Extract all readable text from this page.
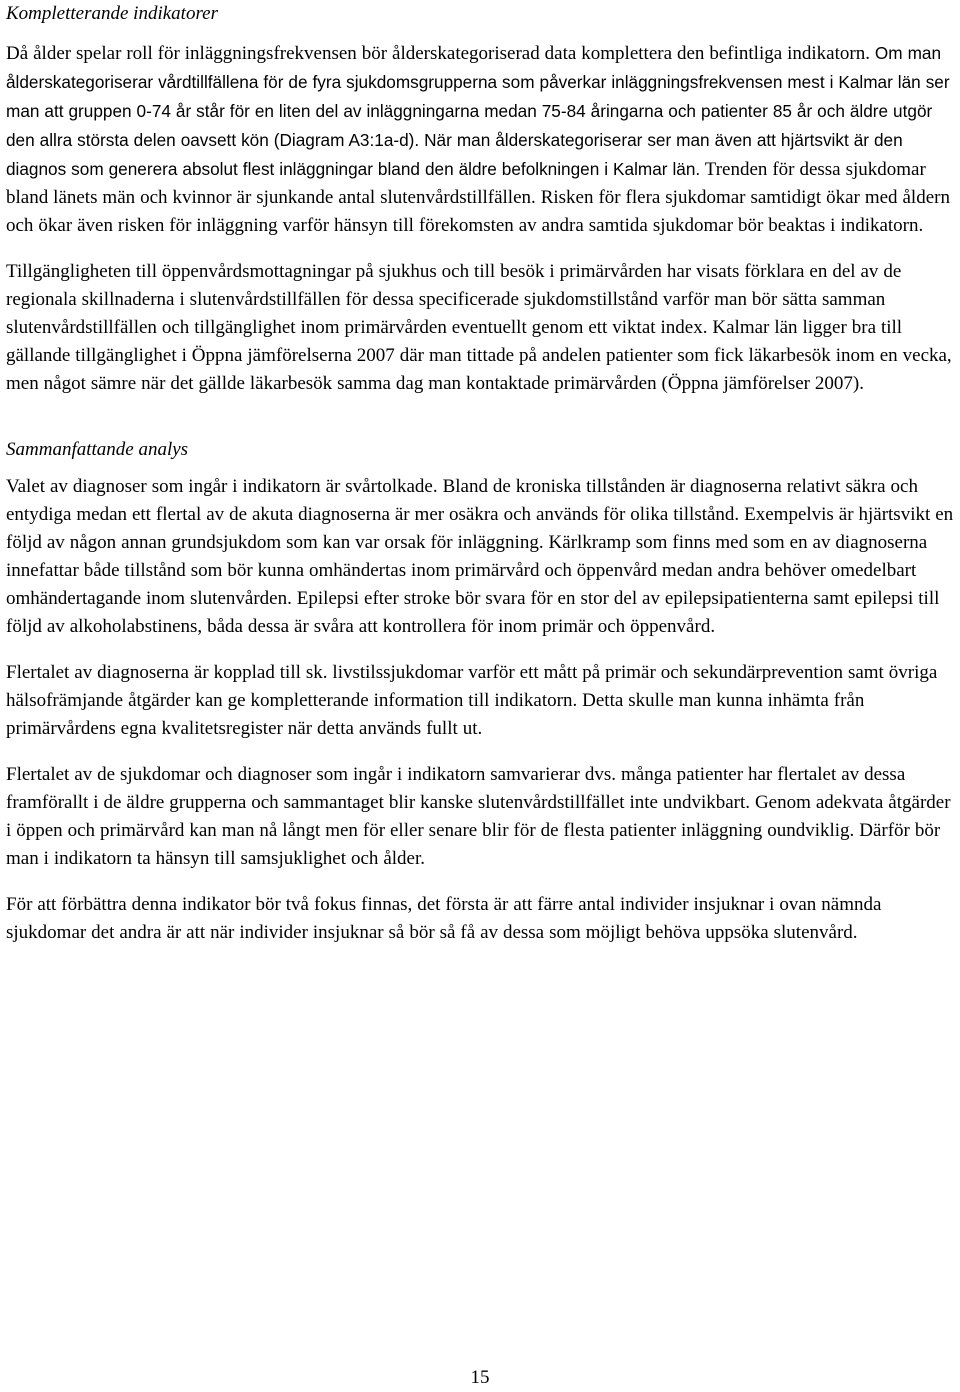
Kompletterande indikatorer

Då ålder spelar roll för inläggningsfrekvensen bör ålderskategoriserad data komplettera den befintliga indikatorn. Om man ålderskategoriserar vårdtillfällena för de fyra sjukdomsgrupperna som påverkar inläggningsfrekvensen mest i Kalmar län ser man att gruppen 0-74 år står för en liten del av inläggningarna medan 75-84 åringarna och patienter 85 år och äldre utgör den allra största delen oavsett kön (Diagram A3:1a-d). När man ålderskategoriserar ser man även att hjärtsvikt är den diagnos som generera absolut flest inläggningar bland den äldre befolkningen i Kalmar län. Trenden för dessa sjukdomar bland länets män och kvinnor är sjunkande antal slutenvårdstillfällen. Risken för flera sjukdomar samtidigt ökar med åldern och ökar även risken för inläggning varför hänsyn till förekomsten av andra samtida sjukdomar bör beaktas i indikatorn.

Tillgängligheten till öppenvårdsmottagningar på sjukhus och till besök i primärvården har visats förklara en del av de regionala skillnaderna i slutenvårdstillfällen för dessa specificerade sjukdomstillstånd varför man bör sätta samman slutenvårdstillfällen och tillgänglighet inom primärvården eventuellt genom ett viktat index. Kalmar län ligger bra till gällande tillgänglighet i Öppna jämförelserna 2007 där man tittade på andelen patienter som fick läkarbesök inom en vecka, men något sämre när det gällde läkarbesök samma dag man kontaktade primärvården (Öppna jämförelser 2007).

Sammanfattande analys

Valet av diagnoser som ingår i indikatorn är svårtolkade. Bland de kroniska tillstånden är diagnoserna relativt säkra och entydiga medan ett flertal av de akuta diagnoserna är mer osäkra och används för olika tillstånd. Exempelvis är hjärtsvikt en följd av någon annan grundsjukdom som kan var orsak för inläggning. Kärlkramp som finns med som en av diagnoserna innefattar både tillstånd som bör kunna omhändertas inom primärvård och öppenvård medan andra behöver omedelbart omhändertagande inom slutenvården. Epilepsi efter stroke bör svara för en stor del av epilepsipatienterna samt epilepsi till följd av alkoholabstinens, båda dessa är svåra att kontrollera för inom primär och öppenvård.

Flertalet av diagnoserna är kopplad till sk. livstilssjukdomar varför ett mått på primär och sekundärprevention samt övriga hälsofrämjande åtgärder kan ge kompletterande information till indikatorn. Detta skulle man kunna inhämta från primärvårdens egna kvalitetsregister när detta används fullt ut.

Flertalet av de sjukdomar och diagnoser som ingår i indikatorn samvarierar dvs. många patienter har flertalet av dessa framförallt i de äldre grupperna och sammantaget blir kanske slutenvårdstillfället inte undvikbart. Genom adekvata åtgärder i öppen och primärvård kan man nå långt men för eller senare blir för de flesta patienter inläggning oundviklig. Därför bör man i indikatorn ta hänsyn till samsjuklighet och ålder.

För att förbättra denna indikator bör två fokus finnas, det första är att färre antal individer insjuknar i ovan nämnda sjukdomar det andra är att när individer insjuknar så bör så få av dessa som möjligt behöva uppsöka slutenvård.

15
